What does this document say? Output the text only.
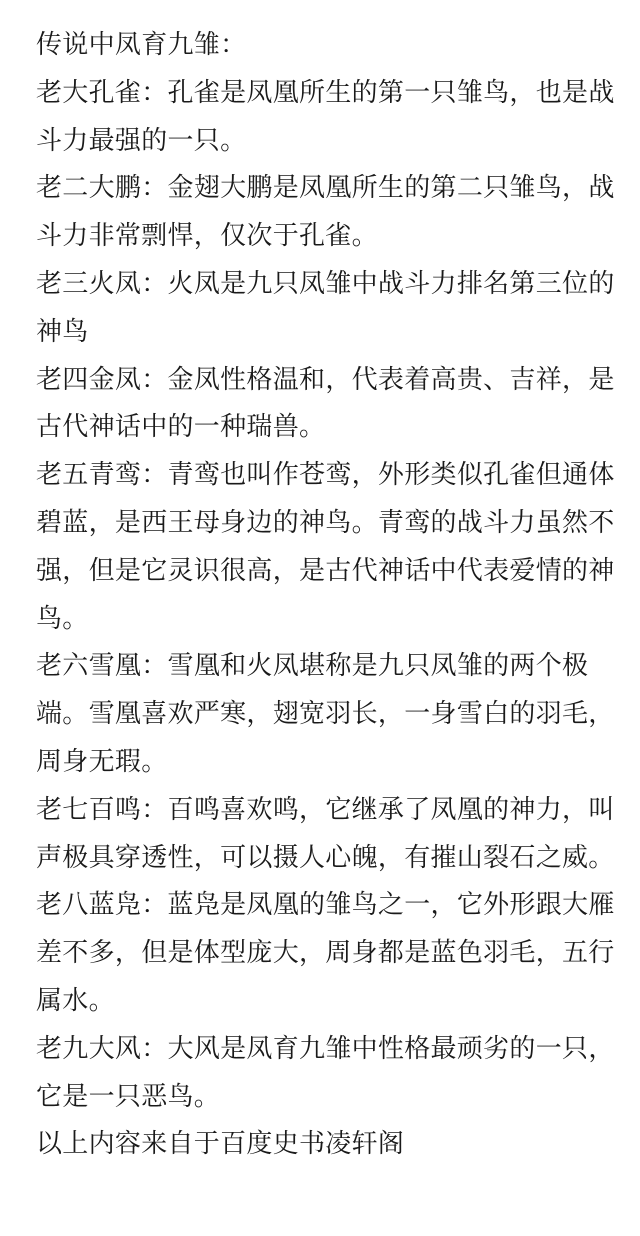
传说中凤育九雏：

老大孔雀：孔雀是凤凰所生的第一只雏鸟，也是战斗力最强的一只。

老二大鹏：金翅大鹏是凤凰所生的第二只雏鸟，战斗力非常剽悍，仅次于孔雀。

老三火凤：火凤是九只凤雏中战斗力排名第三位的神鸟

老四金凤：金凤性格温和，代表着高贵、吉祥，是古代神话中的一种瑞兽。

老五青鸾：青鸾也叫作苍鸾，外形类似孔雀但通体碧蓝，是西王母身边的神鸟。青鸾的战斗力虽然不强，但是它灵识很高，是古代神话中代表爱情的神鸟。

老六雪凰：雪凰和火凤堪称是九只凤雏的两个极端。雪凰喜欢严寒，翅宽羽长，一身雪白的羽毛，周身无瑕。

老七百鸣：百鸣喜欢鸣，它继承了凤凰的神力，叫声极具穿透性，可以摄人心魄，有摧山裂石之威。

老八蓝凫：蓝凫是凤凰的雏鸟之一，它外形跟大雁差不多，但是体型庞大，周身都是蓝色羽毛，五行属水。

老九大风：大风是凤育九雏中性格最顽劣的一只，它是一只恶鸟。

以上内容来自于百度史书凌轩阁
